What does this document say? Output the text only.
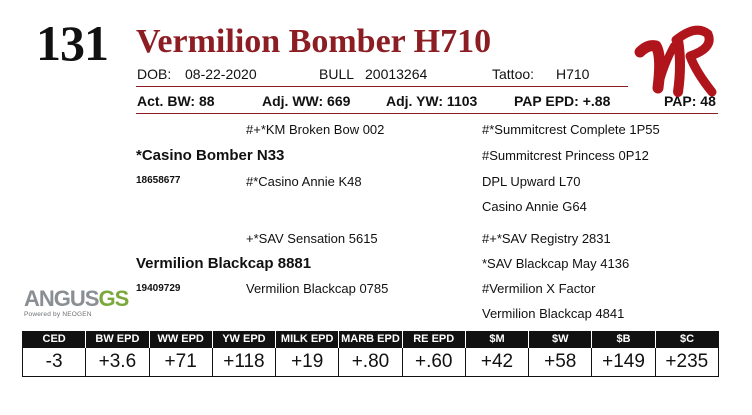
131 Vermilion Bomber H710
DOB: 08-22-2020	BULL 20013264	Tattoo: H710
Act. BW: 88	Adj. WW: 669	Adj. YW: 1103	PAP EPD: +.88	PAP: 48
#+*KM Broken Bow 002
*Casino Bomber N33
18658677	#*Casino Annie K48
#*Summitcrest Complete 1P55
#Summitcrest Princess 0P12
DPL Upward L70
Casino Annie G64
+*SAV Sensation 5615
Vermilion Blackcap 8881
19409729	Vermilion Blackcap 0785
#+*SAV Registry 2831
*SAV Blackcap May 4136
#Vermilion X Factor
Vermilion Blackcap 4841
ANGUSGS
Powered by NEOGEN
CED	BW EPD	WW EPD	YW EPD	MILK EPD	MARB EPD	RE EPD	$M	$W	$B	$C
-3	+3.6	+71	+118	+19	+.80	+.60	+42	+58	+149	+235
